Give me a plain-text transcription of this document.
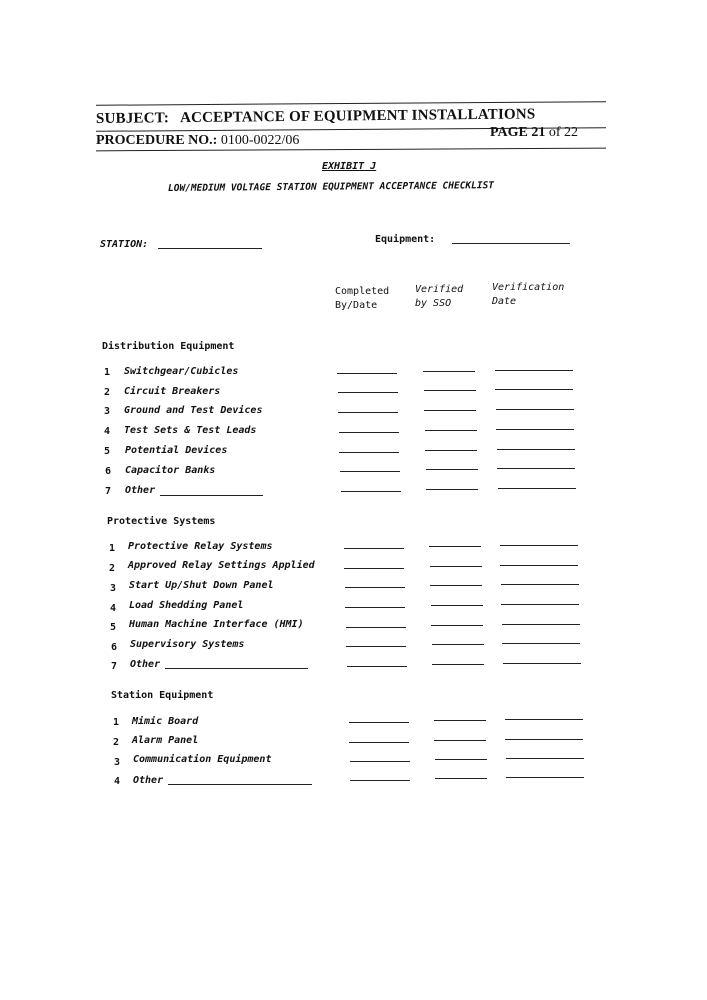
SUBJECT: ACCEPTANCE OF EQUIPMENT INSTALLATIONS
PROCEDURE NO.: 0100-0022/06
PAGE 21 of 22
EXHIBIT J
LOW/MEDIUM VOLTAGE STATION EQUIPMENT ACCEPTANCE CHECKLIST
STATION:	Equipment:
Completed
By/Date
Verified
by SSO
Verification
Date
Distribution Equipment
1 Switchgear/Cubicles
2 Circuit Breakers
3 Ground and Test Devices
4 Test Sets & Test Leads
5 Potential Devices
6 Capacitor Banks
7 Other
Protective Systems
1 Protective Relay Systems
2 Approved Relay Settings Applied
3 Start Up/Shut Down Panel
4 Load Shedding Panel
5 Human Machine Interface (HMI)
6 Supervisory Systems
7 Other
Station Equipment
1 Mimic Board
2 Alarm Panel
3 Communication Equipment
4 Other
